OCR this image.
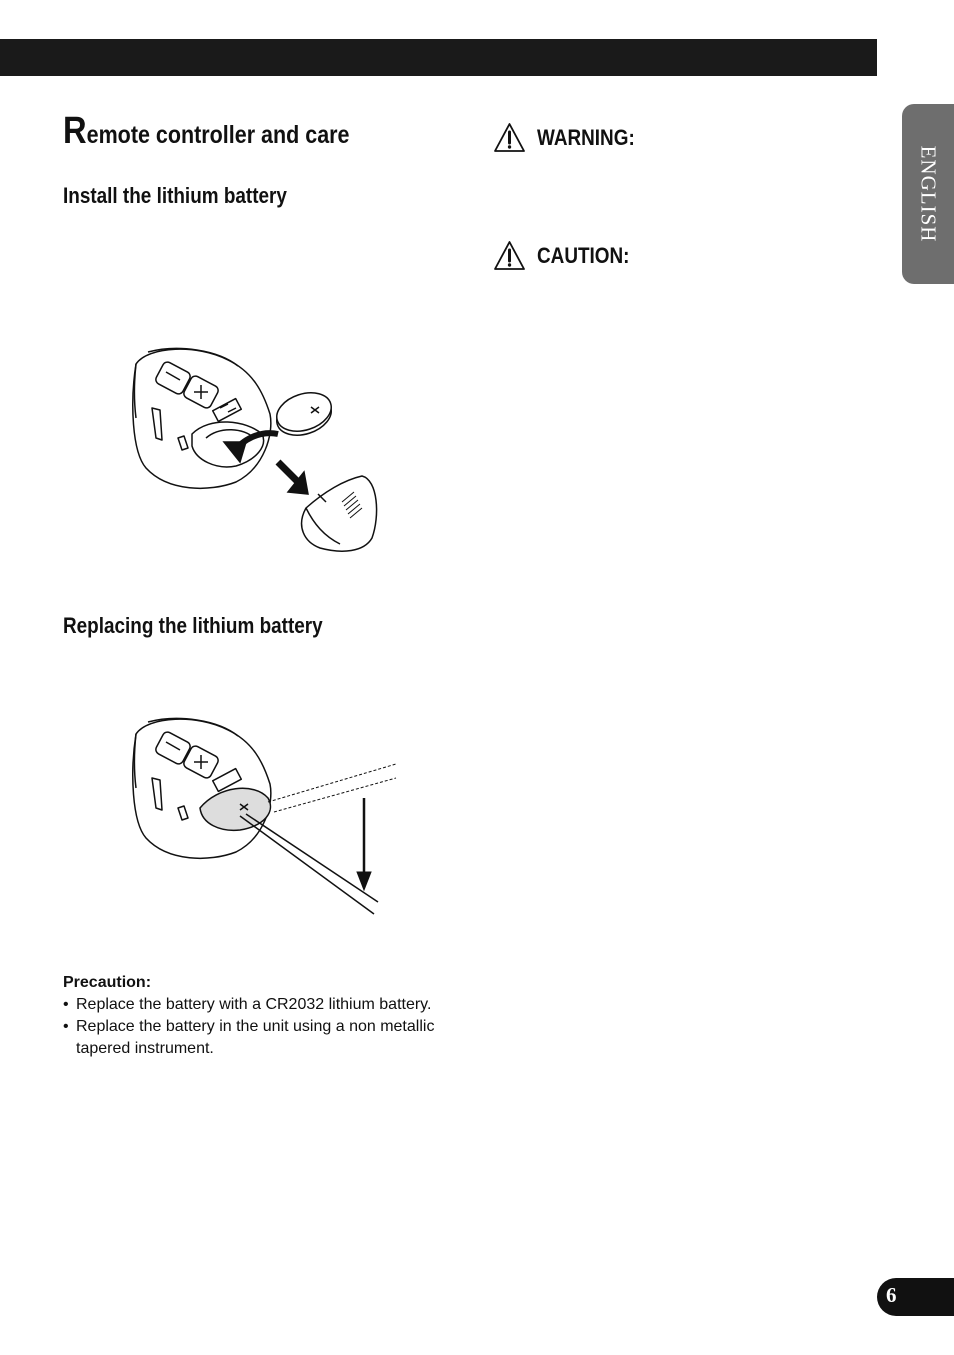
ENGLISH
Remote controller and care
Install the lithium battery
WARNING:
CAUTION:
Replacing the lithium battery
Precaution:
• Replace the battery with a CR2032 lithium battery.
• Replace the battery in the unit using a non metallic tapered instrument.
6
